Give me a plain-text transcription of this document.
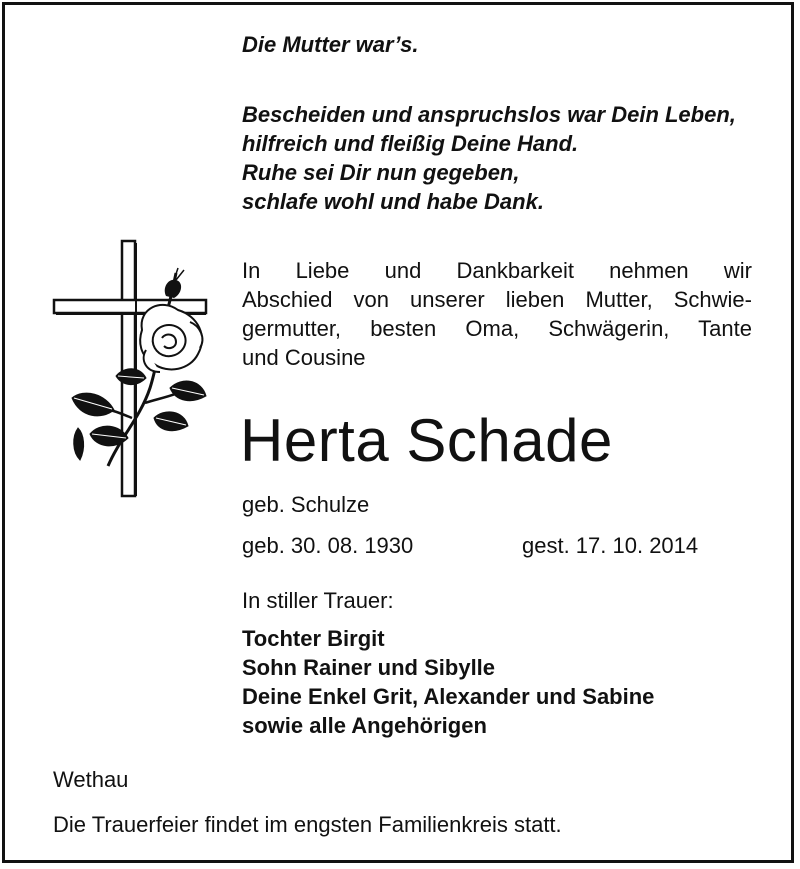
Die Mutter war’s.
Bescheiden und anspruchslos war Dein Leben,
hilfreich und fleißig Deine Hand.
Ruhe sei Dir nun gegeben,
schlafe wohl und habe Dank.
In Liebe und Dankbarkeit nehmen wir
Abschied von unserer lieben Mutter, Schwie-
germutter, besten Oma, Schwägerin, Tante
und Cousine
Herta Schade
geb. Schulze
geb. 30. 08. 1930	gest. 17. 10. 2014
In stiller Trauer:
Tochter Birgit
Sohn Rainer und Sibylle
Deine Enkel Grit, Alexander und Sabine
sowie alle Angehörigen
Wethau
Die Trauerfeier findet im engsten Familienkreis statt.
